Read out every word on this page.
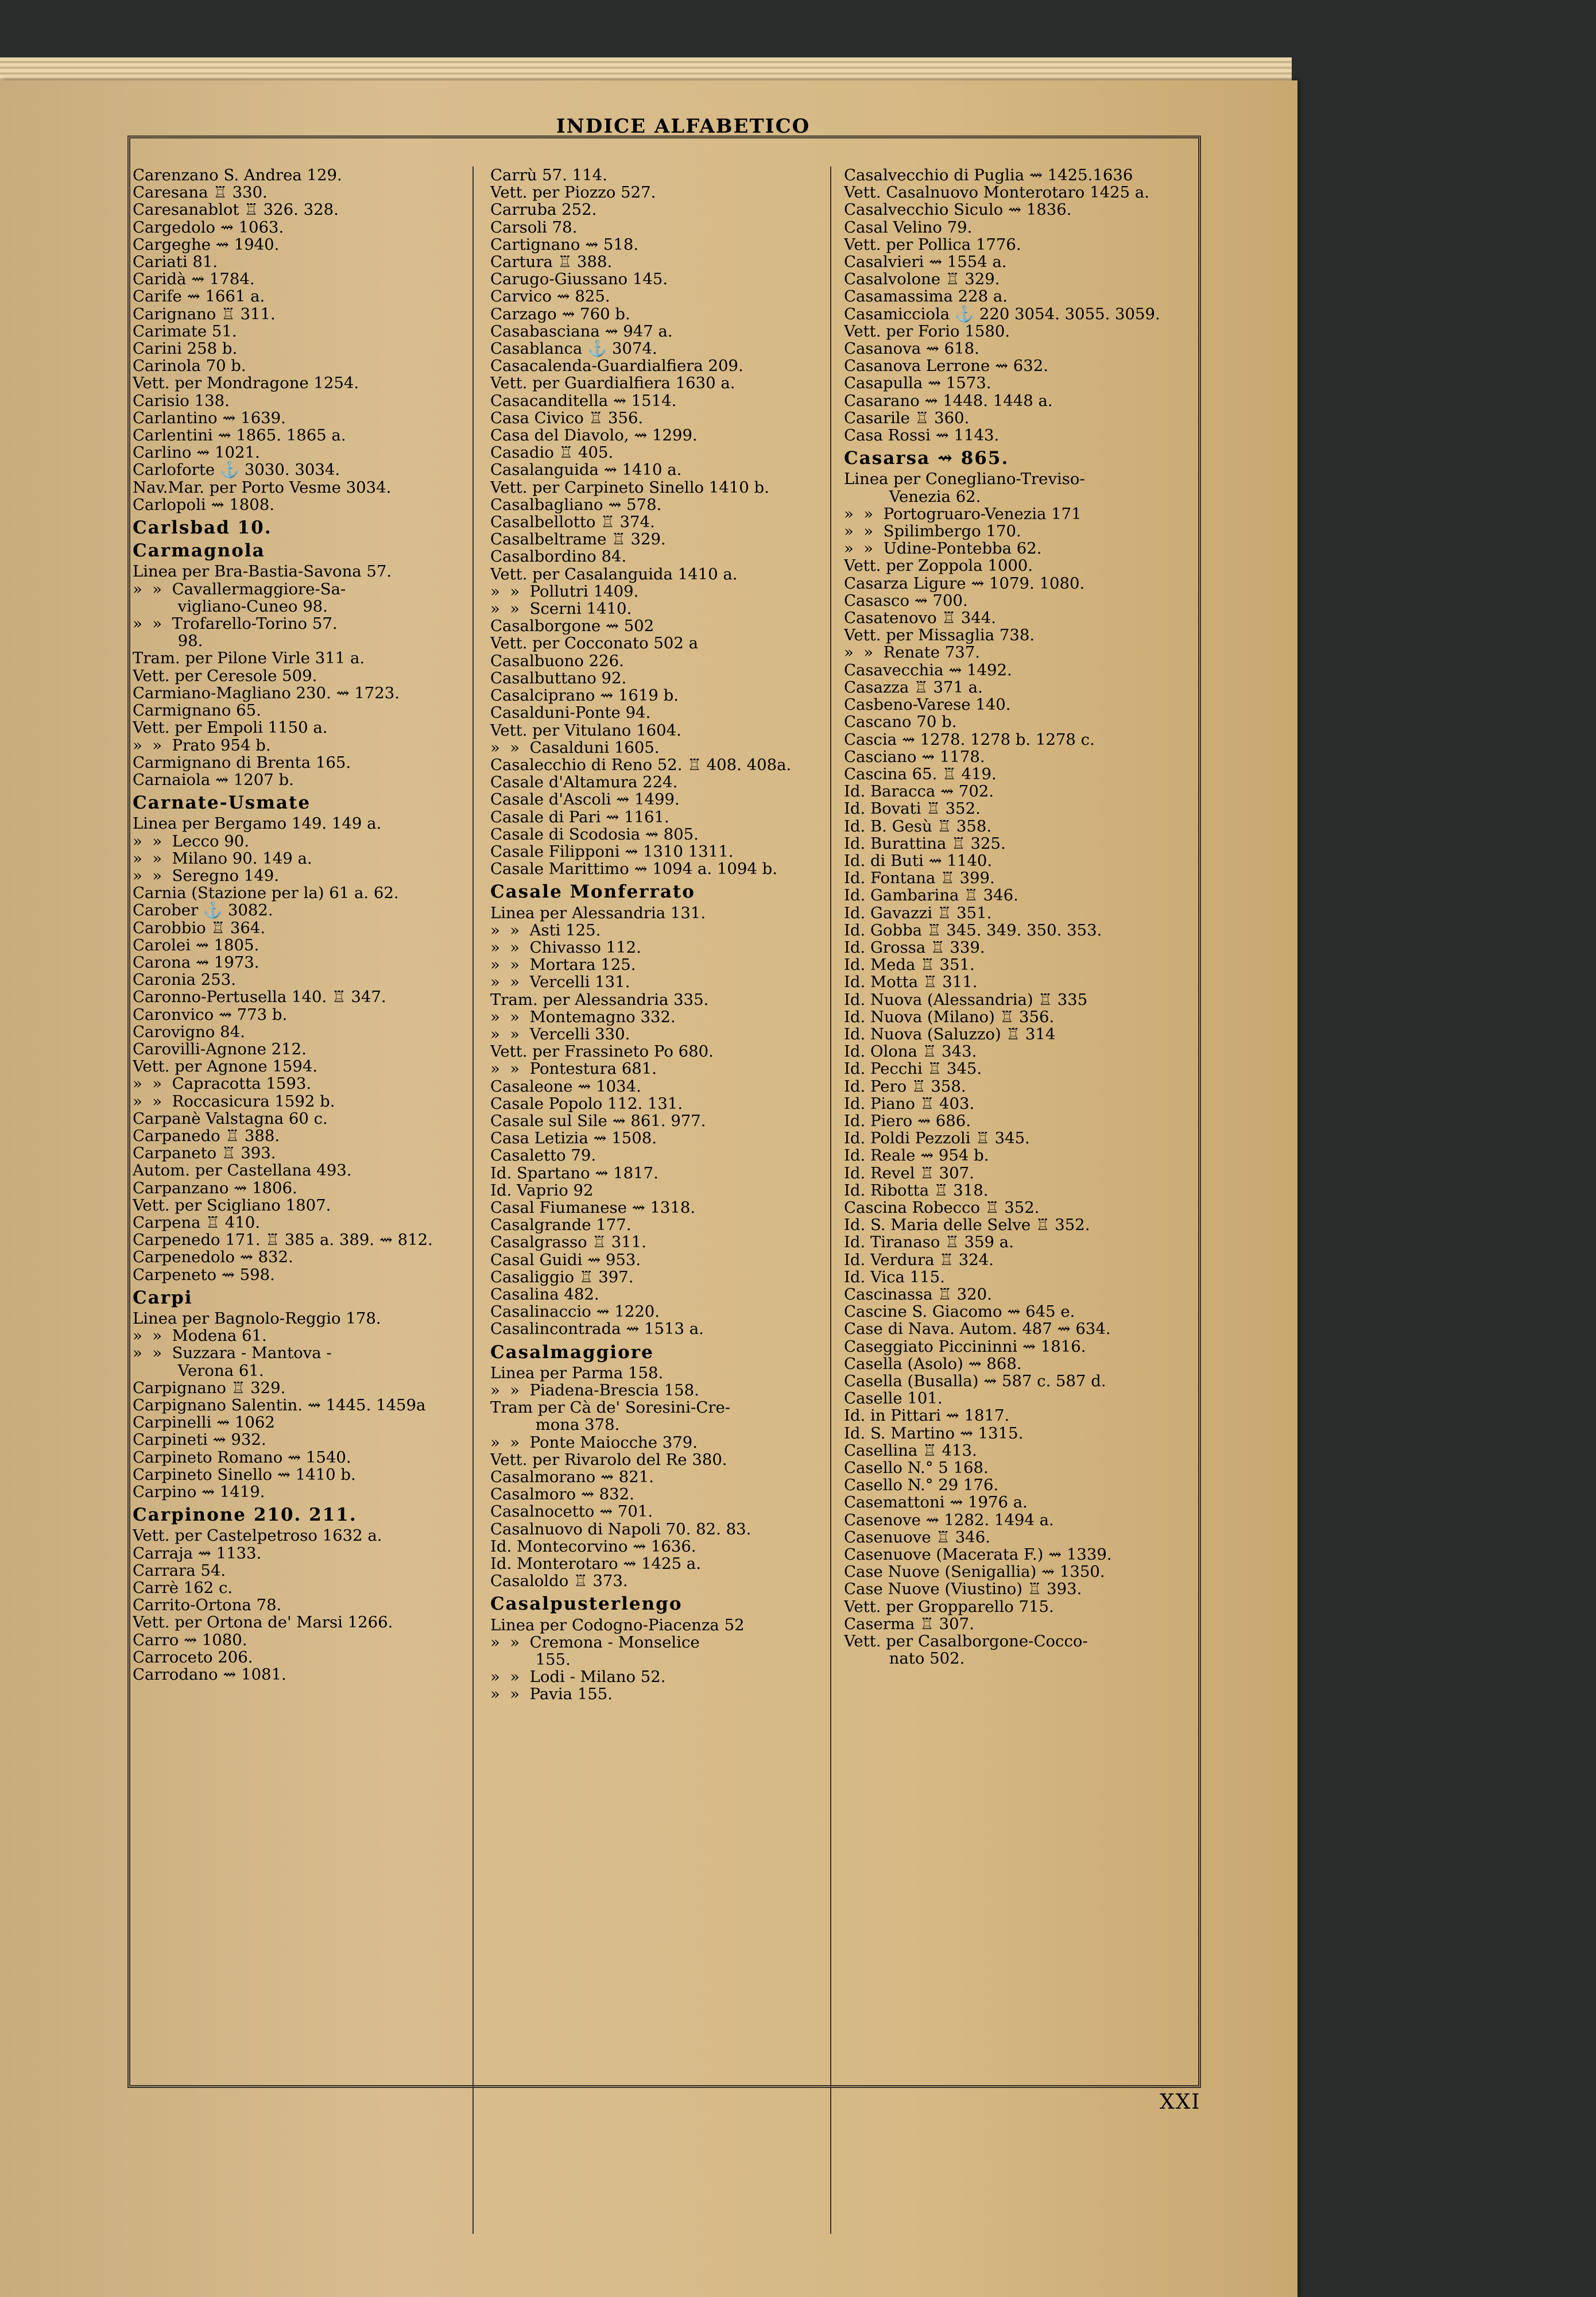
INDICE ALFABETICO
Carenzano S. Andrea 129.
Caresana ♖ 330.
Caresanablot ♖ 326. 328.
Cargedolo ⇝ 1063.
Cargeghe ⇝ 1940.
Cariati 81.
Caridà ⇝ 1784.
Carife ⇝ 1661 a.
Carignano ♖ 311.
Carimate 51.
Carini 258 b.
Carinola 70 b.
Vett. per Mondragone 1254.
Carisio 138.
Carlantino ⇝ 1639.
Carlentini ⇝ 1865. 1865 a.
Carlino ⇝ 1021.
Carloforte ⚓ 3030. 3034.
Nav.Mar. per Porto Vesme 3034.
Carlopoli ⇝ 1808.
Carlsbad 10.
Carmagnola
Linea per Bra-Bastia-Savona 57.
»  »  Cavallermaggiore-Sa-
vigliano-Cuneo 98.
»  »  Trofarello-Torino 57.
98.
Tram. per Pilone Virle 311 a.
Vett. per Ceresole 509.
Carmiano-Magliano 230. ⇝ 1723.
Carmignano 65.
Vett. per Empoli 1150 a.
»  »  Prato 954 b.
Carmignano di Brenta 165.
Carnaiola ⇝ 1207 b.
Carnate-Usmate
Linea per Bergamo 149. 149 a.
»  »  Lecco 90.
»  »  Milano 90. 149 a.
»  »  Seregno 149.
Carnia (Stazione per la) 61 a. 62.
Carober ⚓ 3082.
Carobbio ♖ 364.
Carolei ⇝ 1805.
Carona ⇝ 1973.
Caronia 253.
Caronno-Pertusella 140. ♖ 347.
Caronvico ⇝ 773 b.
Carovigno 84.
Carovilli-Agnone 212.
Vett. per Agnone 1594.
»  »  Capracotta 1593.
»  »  Roccasicura 1592 b.
Carpanè Valstagna 60 c.
Carpanedo ♖ 388.
Carpaneto ♖ 393.
Autom. per Castellana 493.
Carpanzano ⇝ 1806.
Vett. per Scigliano 1807.
Carpena ♖ 410.
Carpenedo 171. ♖ 385 a. 389. ⇝ 812.
Carpenedolo ⇝ 832.
Carpeneto ⇝ 598.
Carpi
Linea per Bagnolo-Reggio 178.
»  »  Modena 61.
»  »  Suzzara - Mantova -
Verona 61.
Carpignano ♖ 329.
Carpignano Salentin. ⇝ 1445. 1459a
Carpinelli ⇝ 1062
Carpineti ⇝ 932.
Carpineto Romano ⇝ 1540.
Carpineto Sinello ⇝ 1410 b.
Carpino ⇝ 1419.
Carpinone 210. 211.
Vett. per Castelpetroso 1632 a.
Carraja ⇝ 1133.
Carrara 54.
Carrè 162 c.
Carrito-Ortona 78.
Vett. per Ortona de' Marsi 1266.
Carro ⇝ 1080.
Carroceto 206.
Carrodano ⇝ 1081.
Carrù 57. 114.
Vett. per Piozzo 527.
Carruba 252.
Carsoli 78.
Cartignano ⇝ 518.
Cartura ♖ 388.
Carugo-Giussano 145.
Carvico ⇝ 825.
Carzago ⇝ 760 b.
Casabasciana ⇝ 947 a.
Casablanca ⚓ 3074.
Casacalenda-Guardialfiera 209.
Vett. per Guardialfiera 1630 a.
Casacanditella ⇝ 1514.
Casa Civico ♖ 356.
Casa del Diavolo, ⇝ 1299.
Casadio ♖ 405.
Casalanguida ⇝ 1410 a.
Vett. per Carpineto Sinello 1410 b.
Casalbagliano ⇝ 578.
Casalbellotto ♖ 374.
Casalbeltrame ♖ 329.
Casalbordino 84.
Vett. per Casalanguida 1410 a.
»  »  Pollutri 1409.
»  »  Scerni 1410.
Casalborgone ⇝ 502
Vett. per Cocconato 502 a
Casalbuono 226.
Casalbuttano 92.
Casalciprano ⇝ 1619 b.
Casalduni-Ponte 94.
Vett. per Vitulano 1604.
»  »  Casalduni 1605.
Casalecchio di Reno 52. ♖ 408. 408a.
Casale d'Altamura 224.
Casale d'Ascoli ⇝ 1499.
Casale di Pari ⇝ 1161.
Casale di Scodosia ⇝ 805.
Casale Filipponi ⇝ 1310 1311.
Casale Marittimo ⇝ 1094 a. 1094 b.
Casale Monferrato
Linea per Alessandria 131.
»  »  Asti 125.
»  »  Chivasso 112.
»  »  Mortara 125.
»  »  Vercelli 131.
Tram. per Alessandria 335.
»  »  Montemagno 332.
»  »  Vercelli 330.
Vett. per Frassineto Po 680.
»  »  Pontestura 681.
Casaleone ⇝ 1034.
Casale Popolo 112. 131.
Casale sul Sile ⇝ 861. 977.
Casa Letizia ⇝ 1508.
Casaletto 79.
Id. Spartano ⇝ 1817.
Id. Vaprio 92
Casal Fiumanese ⇝ 1318.
Casalgrande 177.
Casalgrasso ♖ 311.
Casal Guidi ⇝ 953.
Casaliggio ♖ 397.
Casalina 482.
Casalinaccio ⇝ 1220.
Casalincontrada ⇝ 1513 a.
Casalmaggiore
Linea per Parma 158.
»  »  Piadena-Brescia 158.
Tram per Cà de' Soresini-Cre-
mona 378.
»  »  Ponte Maiocche 379.
Vett. per Rivarolo del Re 380.
Casalmorano ⇝ 821.
Casalmoro ⇝ 832.
Casalnocetto ⇝ 701.
Casalnuovo di Napoli 70. 82. 83.
Id. Montecorvino ⇝ 1636.
Id. Monterotaro ⇝ 1425 a.
Casaloldo ♖ 373.
Casalpusterlengo
Linea per Codogno-Piacenza 52
»  »  Cremona - Monselice
155.
»  »  Lodi - Milano 52.
»  »  Pavia 155.
Casalvecchio di Puglia ⇝ 1425.1636
Vett. Casalnuovo Monterotaro 1425 a.
Casalvecchio Siculo ⇝ 1836.
Casal Velino 79.
Vett. per Pollica 1776.
Casalvieri ⇝ 1554 a.
Casalvolone ♖ 329.
Casamassima 228 a.
Casamicciola ⚓ 220 3054. 3055. 3059.
Vett. per Forio 1580.
Casanova ⇝ 618.
Casanova Lerrone ⇝ 632.
Casapulla ⇝ 1573.
Casarano ⇝ 1448. 1448 a.
Casarile ♖ 360.
Casa Rossi ⇝ 1143.
Casarsa ⇝ 865.
Linea per Conegliano-Treviso-
Venezia 62.
»  »  Portogruaro-Venezia 171
»  »  Spilimbergo 170.
»  »  Udine-Pontebba 62.
Vett. per Zoppola 1000.
Casarza Ligure ⇝ 1079. 1080.
Casasco ⇝ 700.
Casatenovo ♖ 344.
Vett. per Missaglia 738.
»  »  Renate 737.
Casavecchia ⇝ 1492.
Casazza ♖ 371 a.
Casbeno-Varese 140.
Cascano 70 b.
Cascia ⇝ 1278. 1278 b. 1278 c.
Casciano ⇝ 1178.
Cascina 65. ♖ 419.
Id. Baracca ⇝ 702.
Id. Bovati ♖ 352.
Id. B. Gesù ♖ 358.
Id. Burattina ♖ 325.
Id. di Buti ⇝ 1140.
Id. Fontana ♖ 399.
Id. Gambarina ♖ 346.
Id. Gavazzi ♖ 351.
Id. Gobba ♖ 345. 349. 350. 353.
Id. Grossa ♖ 339.
Id. Meda ♖ 351.
Id. Motta ♖ 311.
Id. Nuova (Alessandria) ♖ 335
Id. Nuova (Milano) ♖ 356.
Id. Nuova (Saluzzo) ♖ 314
Id. Olona ♖ 343.
Id. Pecchi ♖ 345.
Id. Pero ♖ 358.
Id. Piano ♖ 403.
Id. Piero ⇝ 686.
Id. Poldi Pezzoli ♖ 345.
Id. Reale ⇝ 954 b.
Id. Revel ♖ 307.
Id. Ribotta ♖ 318.
Cascina Robecco ♖ 352.
Id. S. Maria delle Selve ♖ 352.
Id. Tiranaso ♖ 359 a.
Id. Verdura ♖ 324.
Id. Vica 115.
Cascinassa ♖ 320.
Cascine S. Giacomo ⇝ 645 e.
Case di Nava. Autom. 487 ⇝ 634.
Caseggiato Piccininni ⇝ 1816.
Casella (Asolo) ⇝ 868.
Casella (Busalla) ⇝ 587 c. 587 d.
Caselle 101.
Id. in Pittari ⇝ 1817.
Id. S. Martino ⇝ 1315.
Casellina ♖ 413.
Casello N.° 5 168.
Casello N.° 29 176.
Casemattoni ⇝ 1976 a.
Casenove ⇝ 1282. 1494 a.
Casenuove ♖ 346.
Casenuove (Macerata F.) ⇝ 1339.
Case Nuove (Senigallia) ⇝ 1350.
Case Nuove (Viustino) ♖ 393.
Vett. per Gropparello 715.
Caserma ♖ 307.
Vett. per Casalborgone-Cocco-
nato 502.
XXI
